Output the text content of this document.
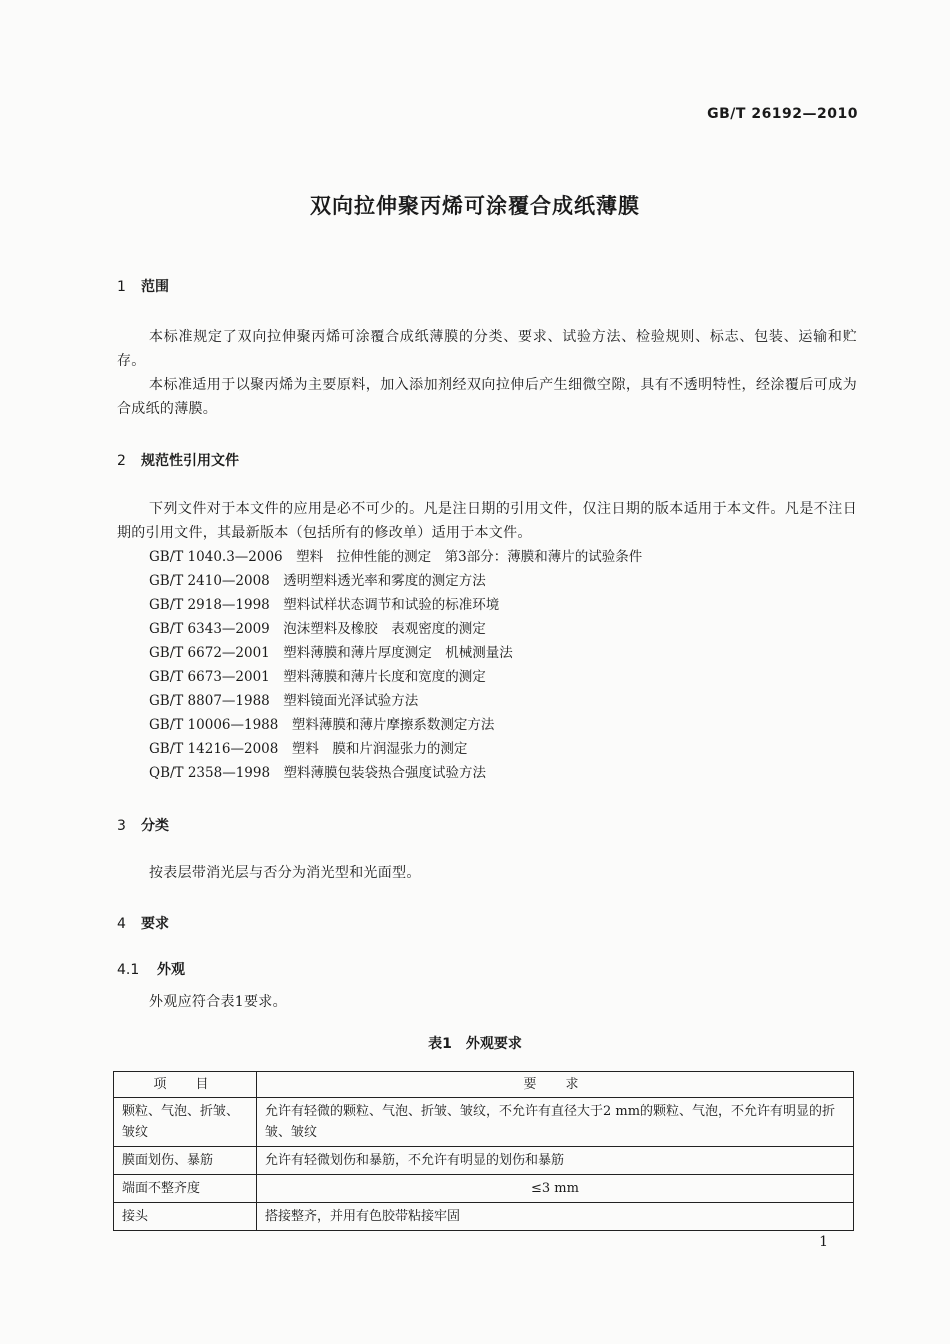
GB/T 26192—2010
双向拉伸聚丙烯可涂覆合成纸薄膜
1 范围
本标准规定了双向拉伸聚丙烯可涂覆合成纸薄膜的分类、要求、试验方法、检验规则、标志、包装、运输和贮存。
本标准适用于以聚丙烯为主要原料，加入添加剂经双向拉伸后产生细微空隙，具有不透明特性，经涂覆后可成为合成纸的薄膜。
2 规范性引用文件
下列文件对于本文件的应用是必不可少的。凡是注日期的引用文件，仅注日期的版本适用于本文件。凡是不注日期的引用文件，其最新版本（包括所有的修改单）适用于本文件。
GB/T 1040.3—2006　 塑料　拉伸性能的测定　第3部分：薄膜和薄片的试验条件
GB/T 2410—2008　 透明塑料透光率和雾度的测定方法
GB/T 2918—1998　 塑料试样状态调节和试验的标准环境
GB/T 6343—2009　 泡沫塑料及橡胶　表观密度的测定
GB/T 6672—2001　 塑料薄膜和薄片厚度测定　机械测量法
GB/T 6673—2001　 塑料薄膜和薄片长度和宽度的测定
GB/T 8807—1988　 塑料镜面光泽试验方法
GB/T 10006—1988　 塑料薄膜和薄片摩擦系数测定方法
GB/T 14216—2008　 塑料　膜和片润湿张力的测定
QB/T 2358—1998　 塑料薄膜包装袋热合强度试验方法
3 分类
按表层带消光层与否分为消光型和光面型。
4 要求
4.1 外观
外观应符合表1要求。
表1　外观要求
项　目	要　求
颗粒、气泡、折皱、皱纹	允许有轻微的颗粒、气泡、折皱、皱纹，不允许有直径大于2 mm的颗粒、气泡，不允许有明显的折皱、皱纹
膜面划伤、暴筋	允许有轻微划伤和暴筋，不允许有明显的划伤和暴筋
端面不整齐度	≤3 mm
接头	搭接整齐，并用有色胶带粘接牢固
1
